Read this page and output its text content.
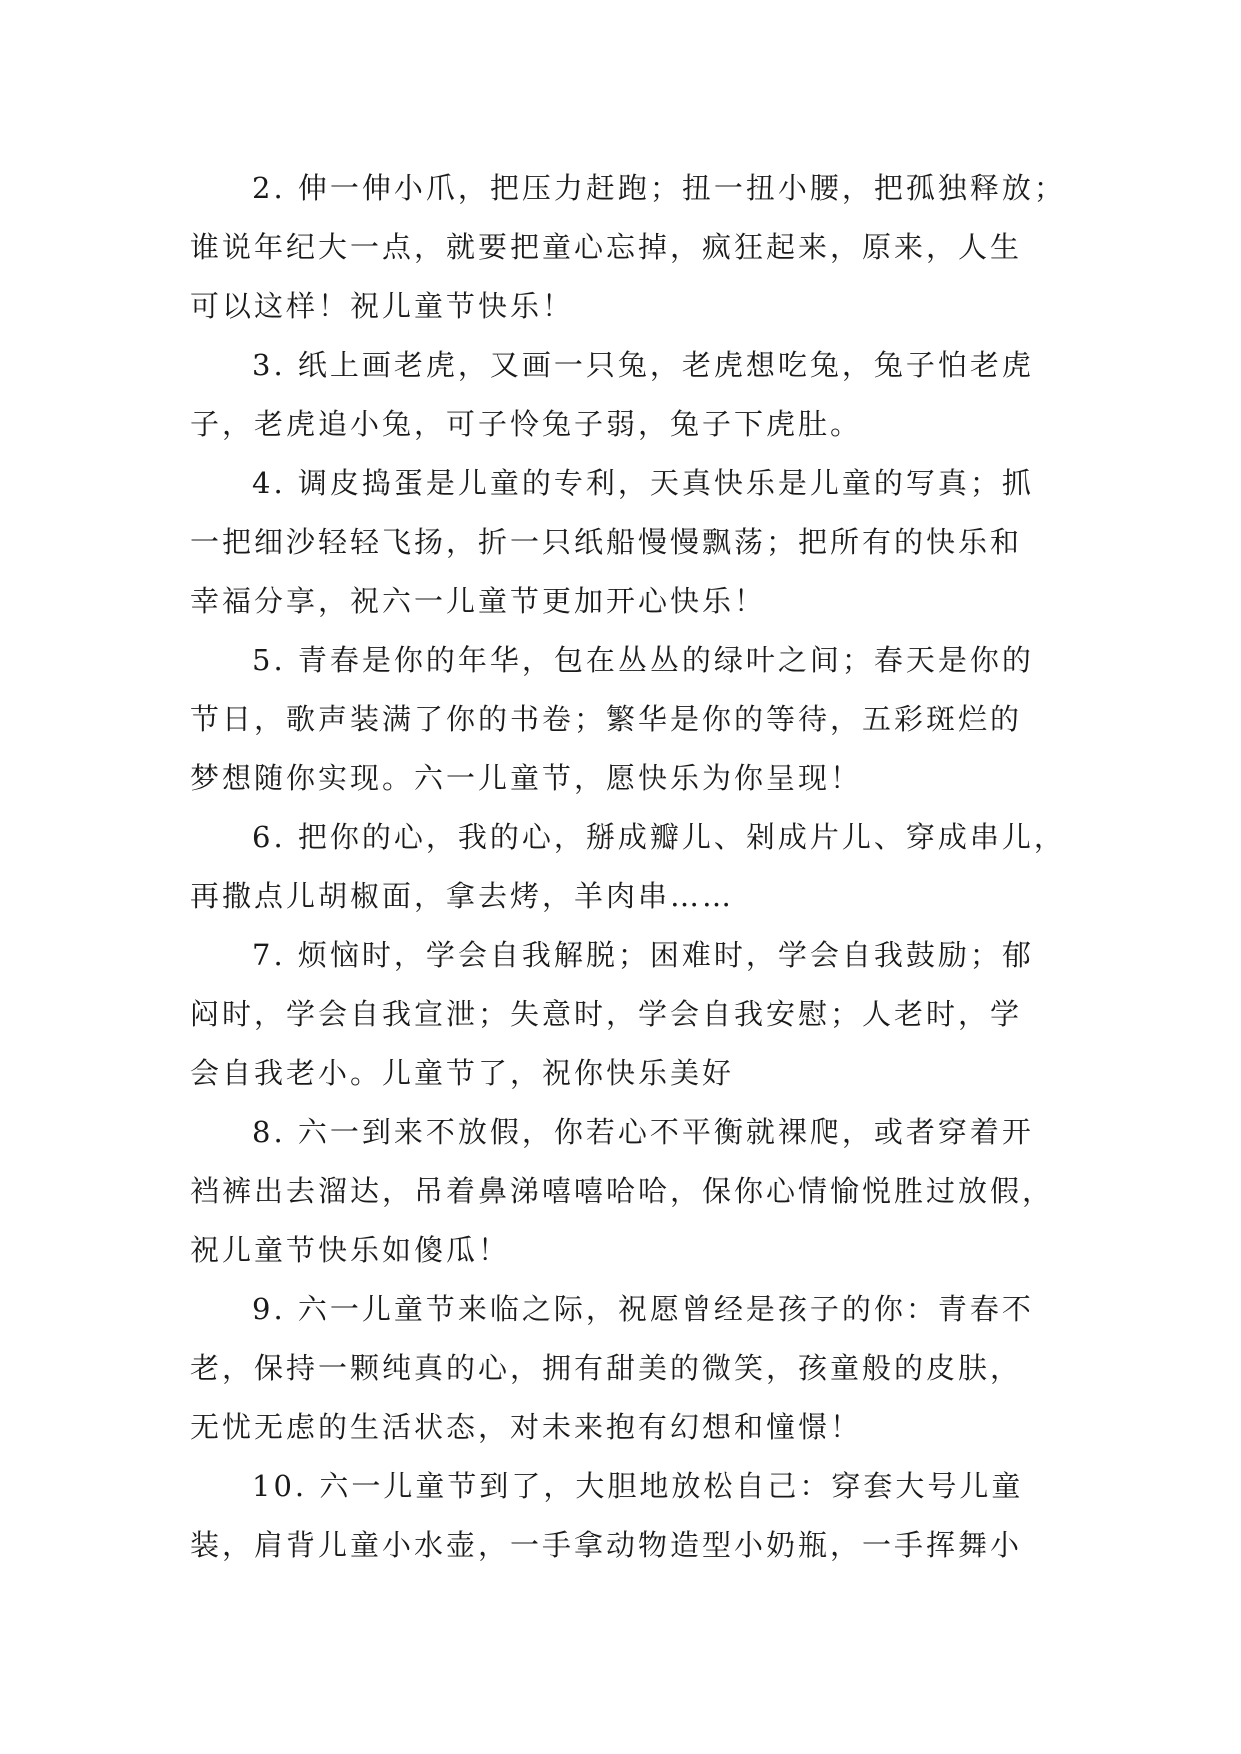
2. 伸一伸小爪，把压力赶跑；扭一扭小腰，把孤独释放；
谁说年纪大一点，就要把童心忘掉，疯狂起来，原来，人生
可以这样！祝儿童节快乐！
3. 纸上画老虎，又画一只兔，老虎想吃兔，兔子怕老虎
子，老虎追小兔，可子怜兔子弱，兔子下虎肚。
4. 调皮捣蛋是儿童的专利，天真快乐是儿童的写真；抓
一把细沙轻轻飞扬，折一只纸船慢慢飘荡；把所有的快乐和
幸福分享，祝六一儿童节更加开心快乐！
5. 青春是你的年华，包在丛丛的绿叶之间；春天是你的
节日，歌声装满了你的书卷；繁华是你的等待，五彩斑烂的
梦想随你实现。六一儿童节，愿快乐为你呈现！
6. 把你的心，我的心，掰成瓣儿、剁成片儿、穿成串儿，
再撒点儿胡椒面，拿去烤，羊肉串……
7. 烦恼时，学会自我解脱；困难时，学会自我鼓励；郁
闷时，学会自我宣泄；失意时，学会自我安慰；人老时，学
会自我老小。儿童节了，祝你快乐美好
8. 六一到来不放假，你若心不平衡就裸爬，或者穿着开
裆裤出去溜达，吊着鼻涕嘻嘻哈哈，保你心情愉悦胜过放假，
祝儿童节快乐如傻瓜！
9. 六一儿童节来临之际，祝愿曾经是孩子的你：青春不
老，保持一颗纯真的心，拥有甜美的微笑，孩童般的皮肤，
无忧无虑的生活状态，对未来抱有幻想和憧憬！
10. 六一儿童节到了，大胆地放松自己：穿套大号儿童
装，肩背儿童小水壶，一手拿动物造型小奶瓶，一手挥舞小
